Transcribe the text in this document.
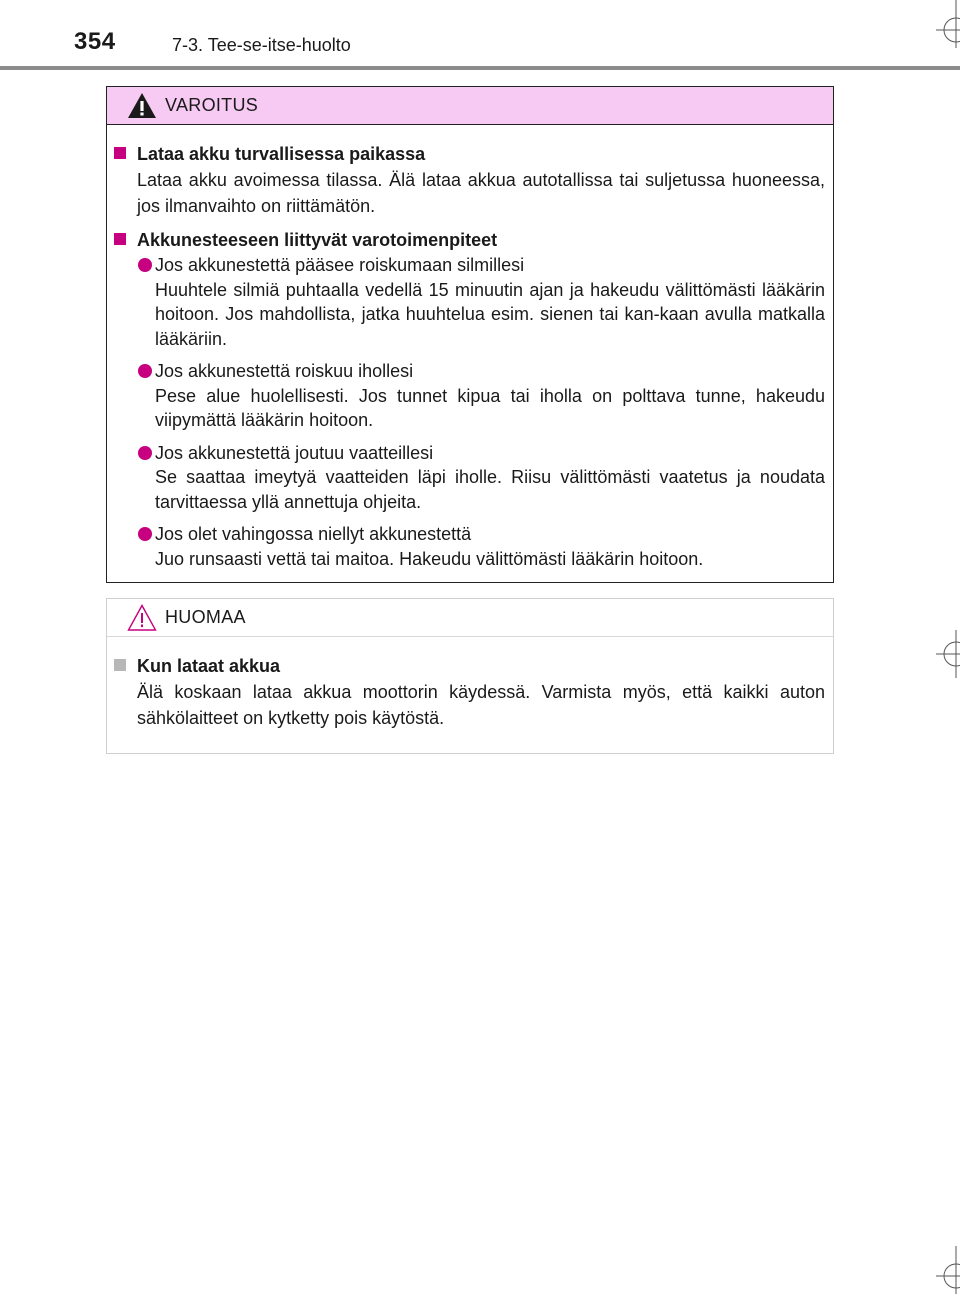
354	7-3. Tee-se-itse-huolto
VAROITUS
Lataa akku turvallisessa paikassa
Lataa akku avoimessa tilassa. Älä lataa akkua autotallissa tai suljetussa huoneessa, jos ilmanvaihto on riittämätön.
Akkunesteeseen liittyvät varotoimenpiteet
Jos akkunestettä pääsee roiskumaan silmillesi
Huuhtele silmiä puhtaalla vedellä 15 minuutin ajan ja hakeudu välittömästi lääkärin hoitoon. Jos mahdollista, jatka huuhtelua esim. sienen tai kan-kaan avulla matkalla lääkäriin.
Jos akkunestettä roiskuu ihollesi
Pese alue huolellisesti. Jos tunnet kipua tai iholla on polttava tunne, hakeudu viipymättä lääkärin hoitoon.
Jos akkunestettä joutuu vaatteillesi
Se saattaa imeytyä vaatteiden läpi iholle. Riisu välittömästi vaatetus ja noudata tarvittaessa yllä annettuja ohjeita.
Jos olet vahingossa niellyt akkunestettä
Juo runsaasti vettä tai maitoa. Hakeudu välittömästi lääkärin hoitoon.
HUOMAA
Kun lataat akkua
Älä koskaan lataa akkua moottorin käydessä. Varmista myös, että kaikki auton sähkölaitteet on kytketty pois käytöstä.
